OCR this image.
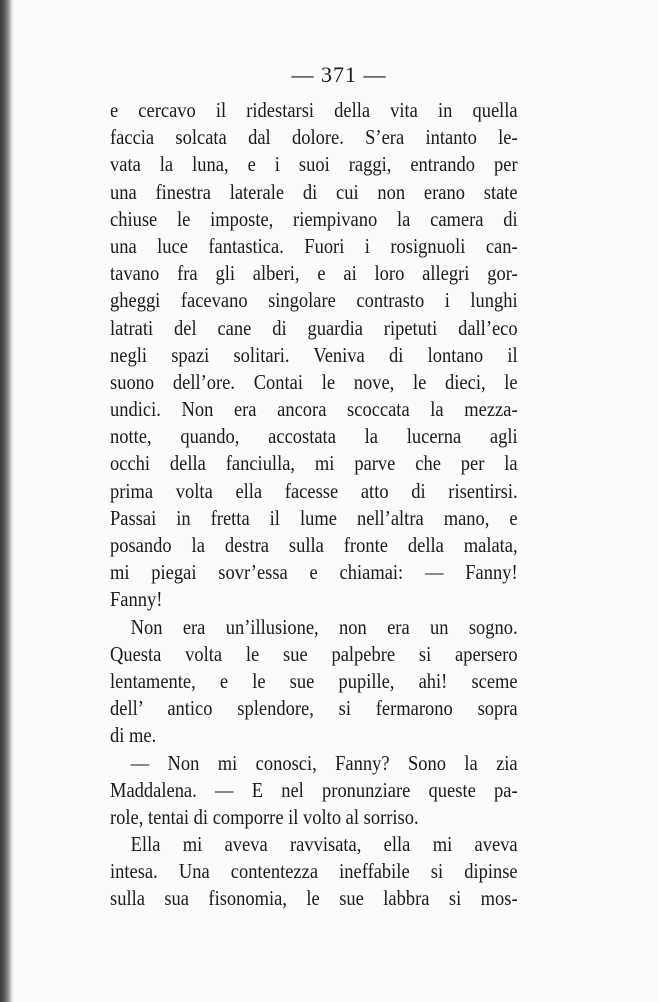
— 371 —
e cercavo il ridestarsi della vita in quella
faccia solcata dal dolore. S’era intanto le-
vata la luna, e i suoi raggi, entrando per
una finestra laterale di cui non erano state
chiuse le imposte, riempivano la camera di
una luce fantastica. Fuori i rosignuoli can-
tavano fra gli alberi, e ai loro allegri gor-
gheggi facevano singolare contrasto i lunghi
latrati del cane di guardia ripetuti dall’eco
negli spazi solitari. Veniva di lontano il
suono dell’ore. Contai le nove, le dieci, le
undici. Non era ancora scoccata la mezza-
notte, quando, accostata la lucerna agli
occhi della fanciulla, mi parve che per la
prima volta ella facesse atto di risentirsi.
Passai in fretta il lume nell’altra mano, e
posando la destra sulla fronte della malata,
mi piegai sovr’essa e chiamai: — Fanny!
Fanny!
Non era un’illusione, non era un sogno.
Questa volta le sue palpebre si apersero
lentamente, e le sue pupille, ahi! sceme
dell’ antico splendore, si fermarono sopra
di me.
— Non mi conosci, Fanny? Sono la zia
Maddalena. — E nel pronunziare queste pa-
role, tentai di comporre il volto al sorriso.
Ella mi aveva ravvisata, ella mi aveva
intesa. Una contentezza ineffabile si dipinse
sulla sua fisonomia, le sue labbra si mos-
